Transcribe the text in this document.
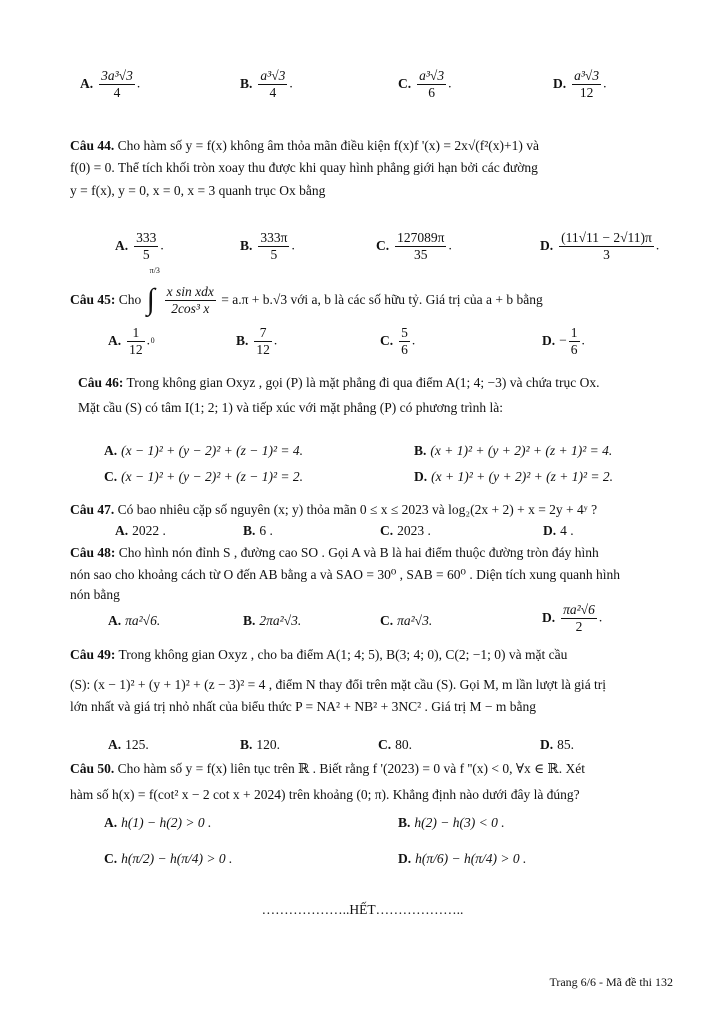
A. $\frac{\text{3a³√3}}{4}$ .	B. $\frac{\text{a³√3}}{4}$ .	C. $\frac{\text{a³√3}}{6}$ .	D. $\frac{\text{a³√3}}{12}$ .
Câu 44. Cho hàm số y = f(x) không âm thỏa mãn điều kiện f(x)f '(x) = 2x√(f²(x)+1) và
f(0) = 0. Thể tích khối tròn xoay thu được khi quay hình phẳng giới hạn bởi các đường
y = f(x), y = 0, x = 0, x = 3 quanh trục Ox bằng
A. $\frac{333}{5}$ .	B. $\frac{333\pi}{5}$ .	C. $\frac{127089\pi}{35}$ .	D. $\frac{(11√11 - 2√11)\pi}{3}$ .
Câu 45: Cho
π/3
∫
0
$\frac{\text{x sin xdx}}{\text{2cos³ x}} = a.\pi + b.√3$ với a, b là các số hữu tỷ. Giá trị của a + b bằng
A. $\frac{1}{12}$ .	B. $\frac{7}{12}$ .	C. $\frac{5}{6}$ .	D. − $\frac{1}{6}$ .
Câu 46: Trong không gian Oxyz , gọi (P) là mặt phẳng đi qua điểm A(1; 4; −3) và chứa trục Ox.
Mặt cầu (S) có tâm I(1; 2; 1) và tiếp xúc với mặt phẳng (P) có phương trình là:
A. (x − 1)² + (y − 2)² + (z − 1)² = 4.	B. (x + 1)² + (y + 2)² + (z + 1)² = 4.
C. (x − 1)² + (y − 2)² + (z − 1)² = 2.	D. (x + 1)² + (y + 2)² + (z + 1)² = 2.
Câu 47. Có bao nhiêu cặp số nguyên (x; y) thỏa mãn 0 ≤ x ≤ 2023 và log₂(2x + 2) + x = 2y + 4ʸ ?
A. 2022 .	B. 6 .	C. 2023 .	D. 4 .
Câu 48: Cho hình nón đỉnh S , đường cao SO . Gọi A và B là hai điểm thuộc đường tròn đáy hình
nón sao cho khoảng cách từ O đến AB bằng a và SAO = 30⁰ , SAB = 60⁰ . Diện tích xung quanh hình
nón bằng
A. πa²√6.	B. 2πa²√3.	C. πa²√3.	D. $\frac{\text{πa²√6}}{2}$ .
Câu 49: Trong không gian Oxyz , cho ba điểm A(1; 4; 5), B(3; 4; 0), C(2; −1; 0) và mặt cầu
(S): (x − 1)² + (y + 1)² + (z − 3)² = 4 , điểm N thay đổi trên mặt cầu (S). Gọi M, m lần lượt là giá trị
lớn nhất và giá trị nhỏ nhất của biểu thức P = NA² + NB² + 3NC² . Giá trị M − m bằng
A. 125.	B. 120.	C. 80.	D. 85.
Câu 50. Cho hàm số y = f(x) liên tục trên ℝ . Biết rằng f '(2023) = 0 và f ''(x) < 0, ∀x ∈ ℝ. Xét
hàm số h(x) = f(cot² x − 2 cot x + 2024) trên khoảng (0; π). Khẳng định nào dưới đây là đúng?
A. h(1) − h(2) > 0 .	B. h(2) − h(3) < 0 .
C. h(π/2) − h(π/4) > 0 .	D. h(π/6) − h(π/4) > 0 .
………………..HẾT………………..
Trang 6/6 - Mã đề thi 132
